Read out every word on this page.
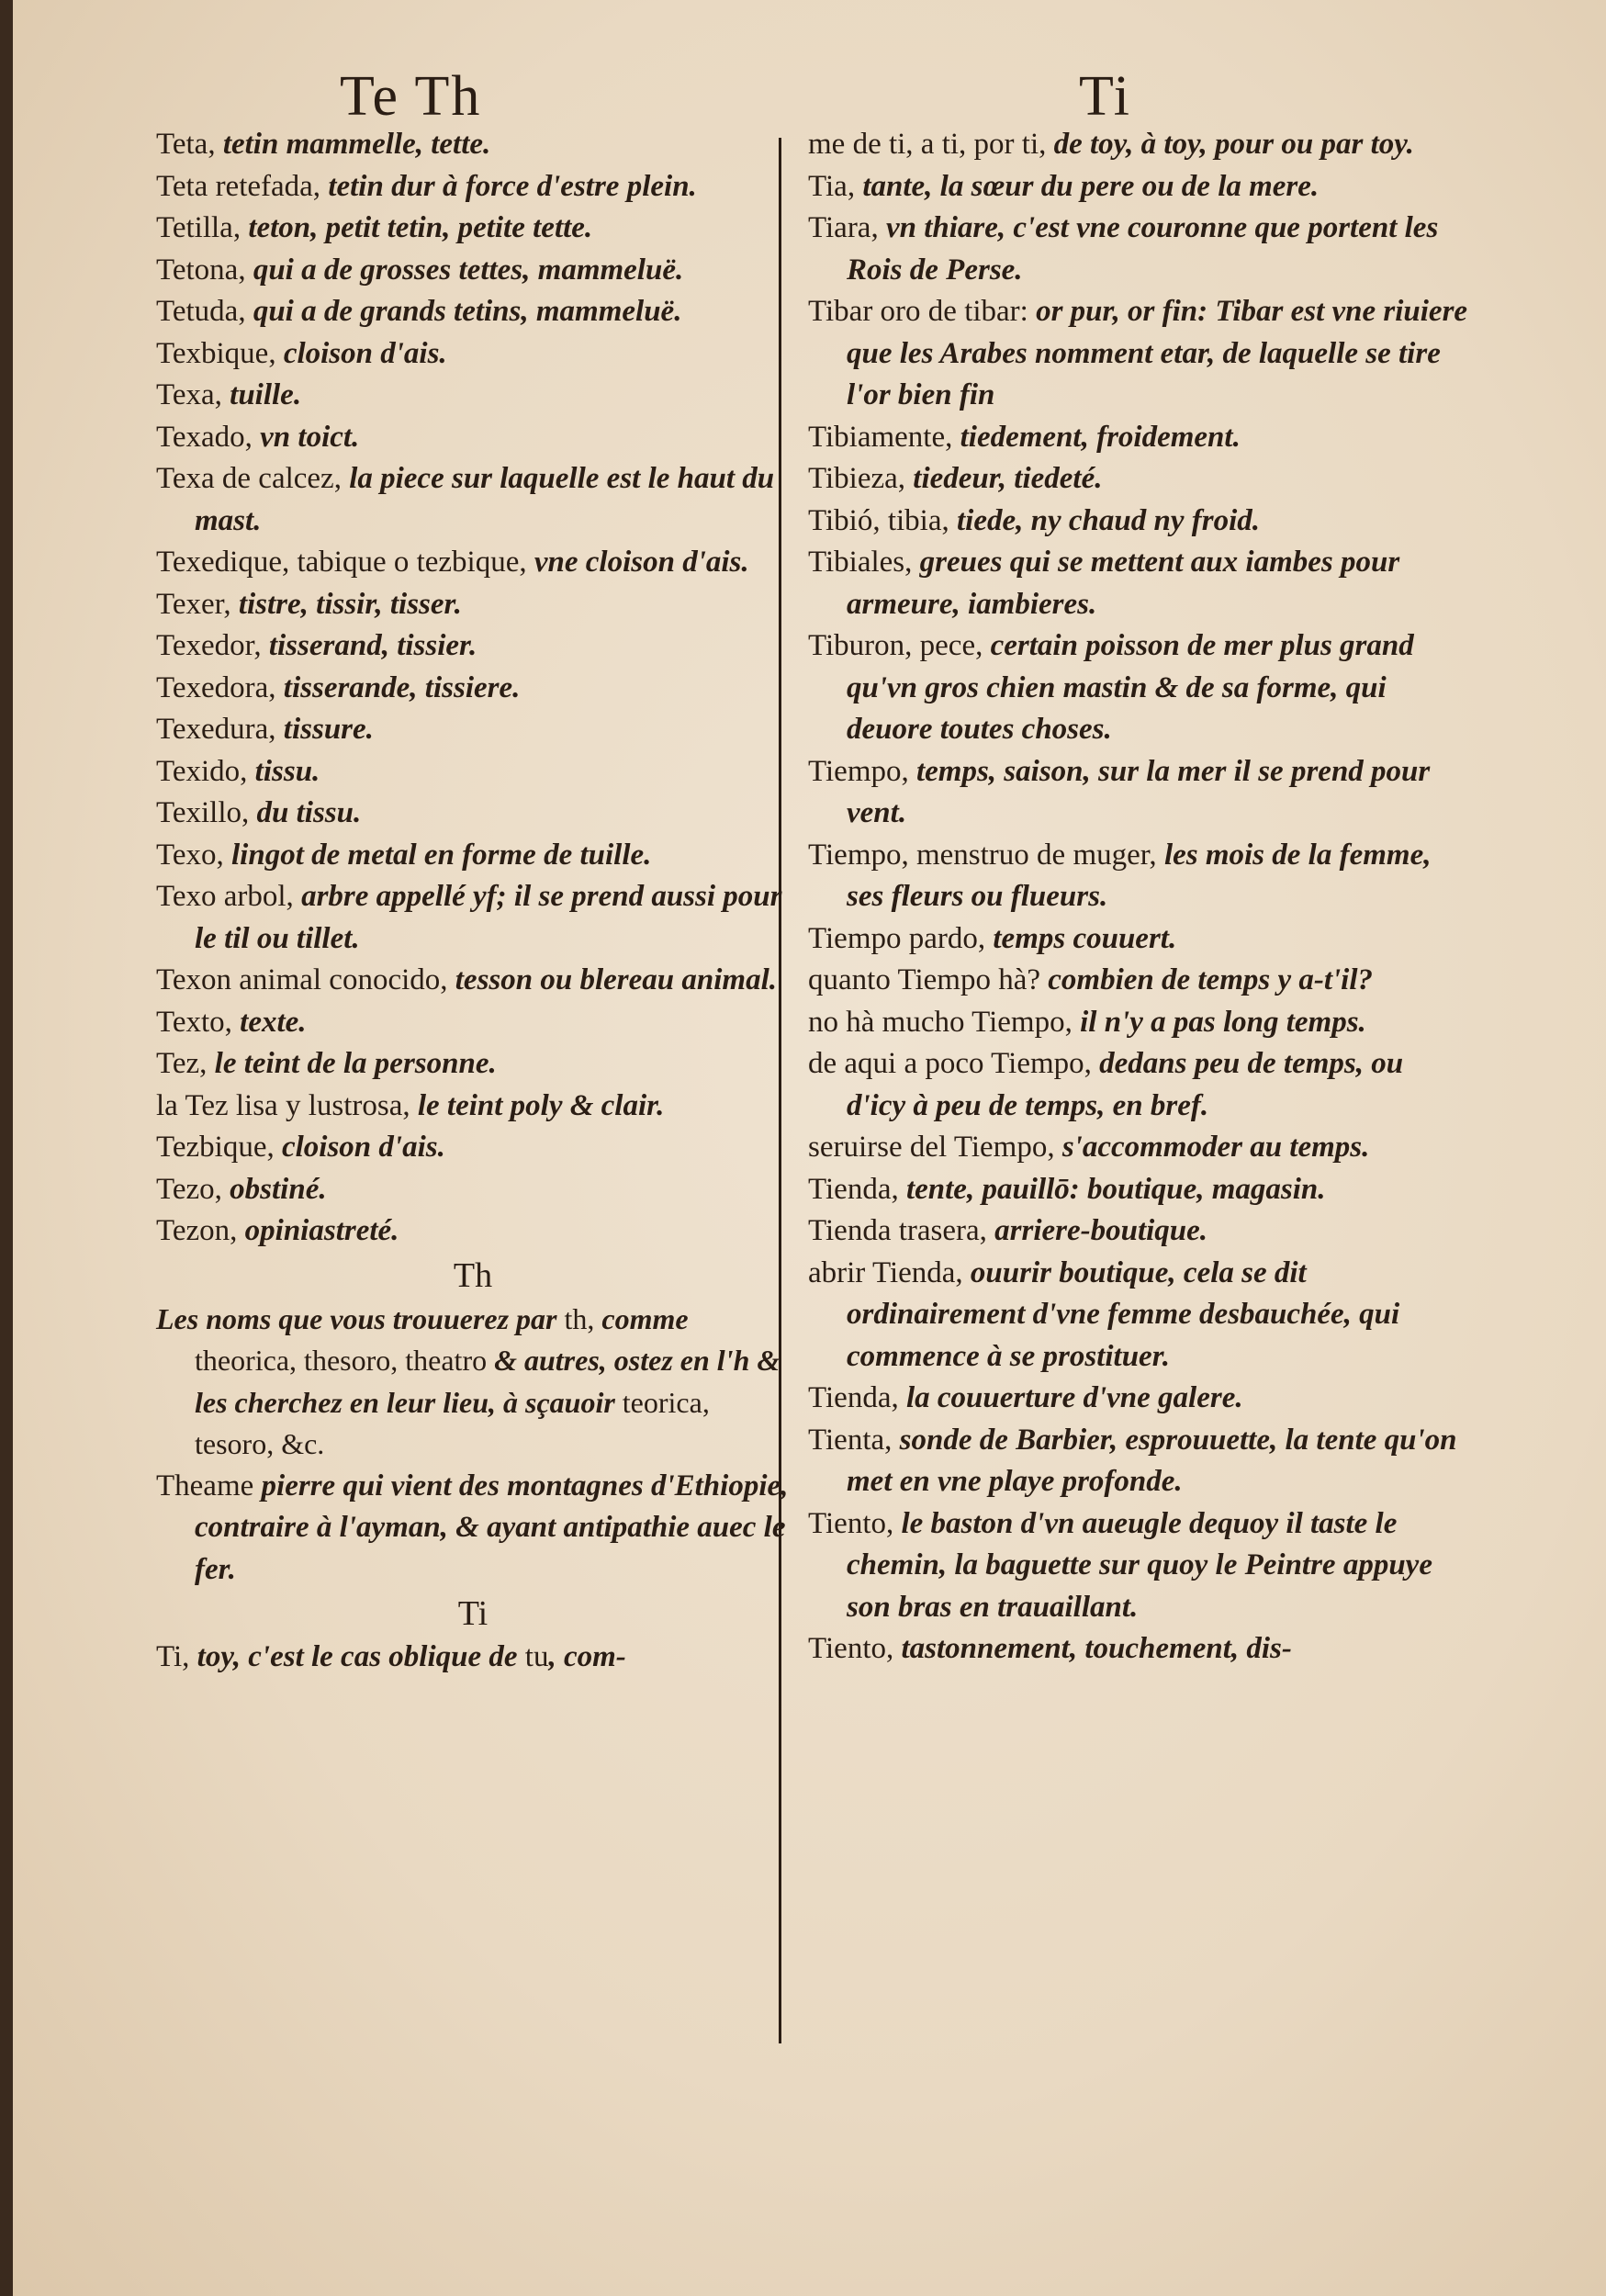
Te Th	Ti
Teta, tetin mammelle, tette.
Teta retefada, tetin dur à force d'estre plein.
Tetilla, teton, petit tetin, petite tette.
Tetona, qui a de grosses tettes, mammeluë.
Tetuda, qui a de grands tetins, mammeluë.
Texbique, cloison d'ais.
Texa, tuille.
Texado, vn toict.
Texa de calcez, la piece sur laquelle est le haut du mast.
Texedique, tabique o tezbique, vne cloison d'ais.
Texer, tistre, tissir, tisser.
Texedor, tisserand, tissier.
Texedora, tisserande, tissiere.
Texedura, tissure.
Texido, tissu.
Texillo, du tissu.
Texo, lingot de metal en forme de tuille.
Texo arbol, arbre appellé yf; il se prend aussi pour le til ou tillet.
Texon animal conocido, tesson ou blereau animal.
Texto, texte.
Tez, le teint de la personne.
la Tez lisa y lustrosa, le teint poly & clair.
Tezbique, cloison d'ais.
Tezo, obstiné.
Tezon, opiniastreté.
Th
Les noms que vous trouuerez par th, comme theorica, thesoro, theatro & autres, ostez en l'h & les cherchez en leur lieu, à sçauoir teorica, tesoro, &c.
Theame pierre qui vient des montagnes d'Ethiopie, contraire à l'ayman, & ayant antipathie auec le fer.
Ti
Ti, toy, c'est le cas oblique de tu, com-
me de ti, a ti, por ti, de toy, à toy, pour ou par toy.
Tia, tante, la sœur du pere ou de la mere.
Tiara, vn thiare, c'est vne couronne que portent les Rois de Perse.
Tibar oro de tibar: or pur, or fin: Tibar est vne riuiere que les Arabes nomment etar, de laquelle se tire l'or bien fin
Tibiamente, tiedement, froidement.
Tibieza, tiedeur, tiedeté.
Tibió, tibia, tiede, ny chaud ny froid.
Tibiales, greues qui se mettent aux iambes pour armeure, iambieres.
Tiburon, pece, certain poisson de mer plus grand qu'vn gros chien mastin & de sa forme, qui deuore toutes choses.
Tiempo, temps, saison, sur la mer il se prend pour vent.
Tiempo, menstruo de muger, les mois de la femme, ses fleurs ou flueurs.
Tiempo pardo, temps couuert.
quanto Tiempo hà? combien de temps y a-t'il?
no hà mucho Tiempo, il n'y a pas long temps.
de aqui a poco Tiempo, dedans peu de temps, ou d'icy à peu de temps, en bref.
seruirse del Tiempo, s'accommoder au temps.
Tienda, tente, pauillō: boutique, magasin.
Tienda trasera, arriere-boutique.
abrir Tienda, ouurir boutique, cela se dit ordinairement d'vne femme desbauchée, qui commence à se prostituer.
Tienda, la couuerture d'vne galere.
Tienta, sonde de Barbier, esprouuette, la tente qu'on met en vne playe profonde.
Tiento, le baston d'vn aueugle dequoy il taste le chemin, la baguette sur quoy le Peintre appuye son bras en trauaillant.
Tiento, tastonnement, touchement, dis-
